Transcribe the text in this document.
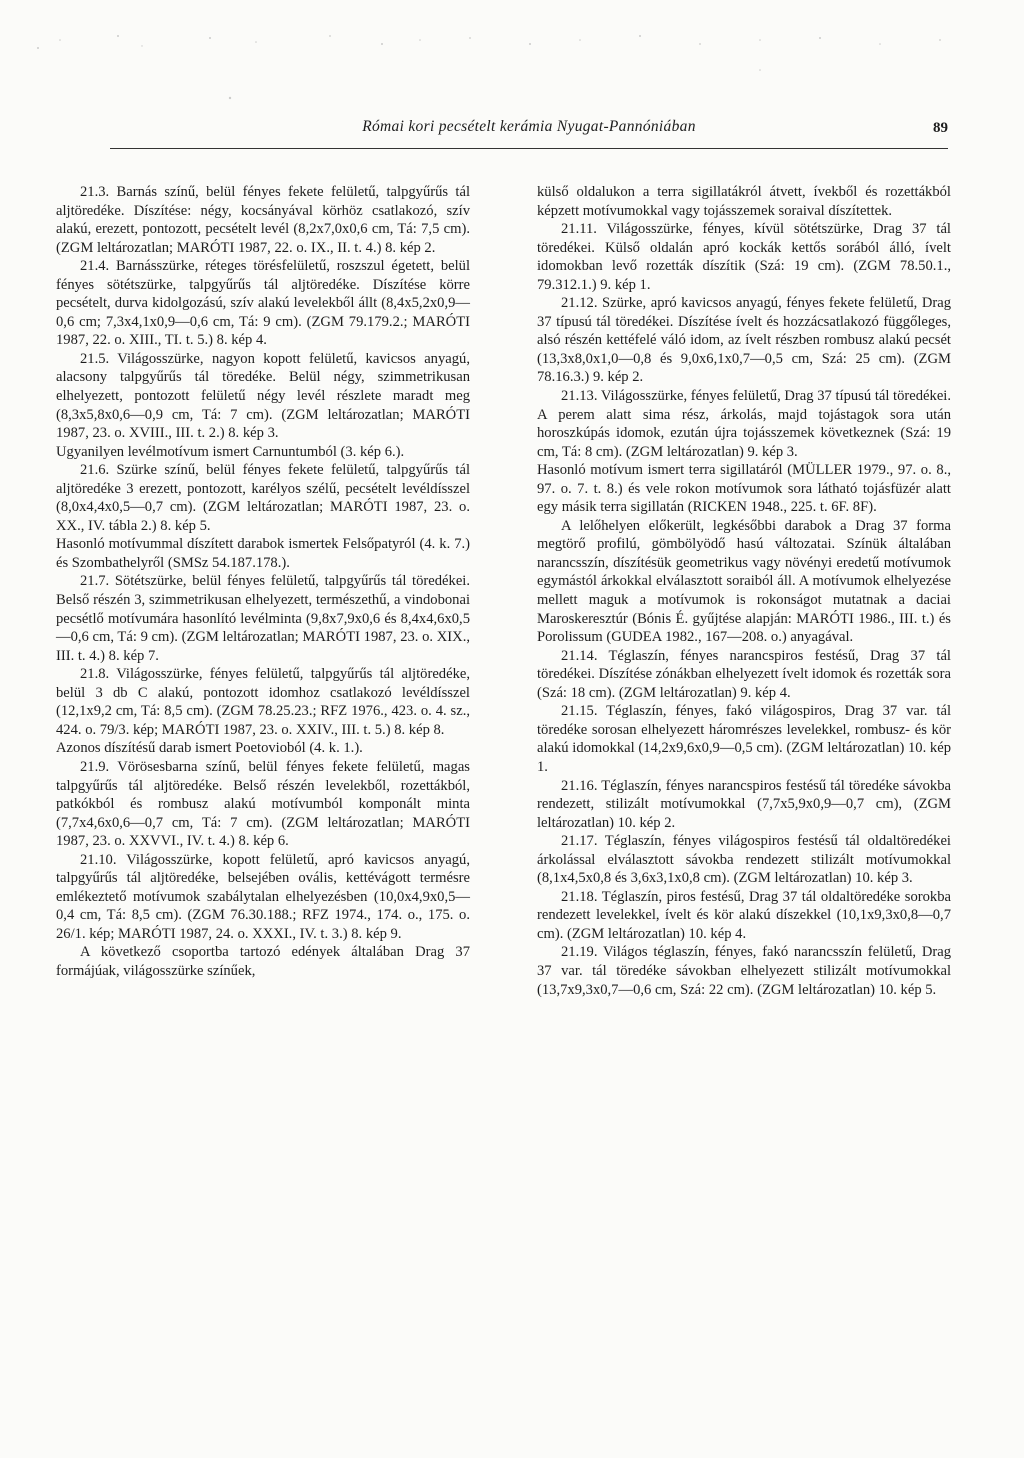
Római kori pecsételt kerámia Nyugat-Pannóniában	89

21.3. Barnás színű, belül fényes fekete felületű, talpgyűrűs tál aljtöredéke. Díszítése: négy, kocsányával körhöz csatlakozó, szív alakú, erezett, pontozott, pecsételt levél (8,2x7,0x0,6 cm, Tá: 7,5 cm). (ZGM leltározatlan; MARÓTI 1987, 22. o. IX., II. t. 4.) 8. kép 2.

21.4. Barnásszürke, réteges törésfelületű, roszszul égetett, belül fényes sötétszürke, talpgyűrűs tál aljtöredéke. Díszítése körre pecsételt, durva kidolgozású, szív alakú levelekből állt (8,4x5,2x0,9—0,6 cm; 7,3x4,1x0,9—0,6 cm, Tá: 9 cm). (ZGM 79.179.2.; MARÓTI 1987, 22. o. XIII., TI. t. 5.) 8. kép 4.

21.5. Világosszürke, nagyon kopott felületű, kavicsos anyagú, alacsony talpgyűrűs tál töredéke. Belül négy, szimmetrikusan elhelyezett, pontozott felületű négy levél részlete maradt meg (8,3x5,8x0,6—0,9 cm, Tá: 7 cm). (ZGM leltározatlan; MARÓTI 1987, 23. o. XVIII., III. t. 2.) 8. kép 3.

Ugyanilyen levélmotívum ismert Carnuntumból (3. kép 6.).

21.6. Szürke színű, belül fényes fekete felületű, talpgyűrűs tál aljtöredéke 3 erezett, pontozott, karélyos szélű, pecsételt levéldísszel (8,0x4,4x0,5—0,7 cm). (ZGM leltározatlan; MARÓTI 1987, 23. o. XX., IV. tábla 2.) 8. kép 5.

Hasonló motívummal díszített darabok ismertek Felsőpatyról (4. k. 7.) és Szombathelyről (SMSz 54.187.178.).

21.7. Sötétszürke, belül fényes felületű, talpgyűrűs tál töredékei. Belső részén 3, szimmetrikusan elhelyezett, természethű, a vindobonai pecsétlő motívumára hasonlító levélminta (9,8x7,9x0,6 és 8,4x4,6x0,5—0,6 cm, Tá: 9 cm). (ZGM leltározatlan; MARÓTI 1987, 23. o. XIX., III. t. 4.) 8. kép 7.

21.8. Világosszürke, fényes felületű, talpgyűrűs tál aljtöredéke, belül 3 db C alakú, pontozott idomhoz csatlakozó levéldísszel (12,1x9,2 cm, Tá: 8,5 cm). (ZGM 78.25.23.; RFZ 1976., 423. o. 4. sz., 424. o. 79/3. kép; MARÓTI 1987, 23. o. XXIV., III. t. 5.) 8. kép 8.

Azonos díszítésű darab ismert Poetovioból (4. k. 1.).

21.9. Vörösesbarna színű, belül fényes fekete felületű, magas talpgyűrűs tál aljtöredéke. Belső részén levelekből, rozettákból, patkókból és rombusz alakú motívumból komponált minta (7,7x4,6x0,6—0,7 cm, Tá: 7 cm). (ZGM leltározatlan; MARÓTI 1987, 23. o. XXVVI., IV. t. 4.) 8. kép 6.

21.10. Világosszürke, kopott felületű, apró kavicsos anyagú, talpgyűrűs tál aljtöredéke, belsejében ovális, kettévágott termésre emlékeztető motívumok szabálytalan elhelyezésben (10,0x4,9x0,5—0,4 cm, Tá: 8,5 cm). (ZGM 76.30.188.; RFZ 1974., 174. o., 175. o. 26/1. kép; MARÓTI 1987, 24. o. XXXI., IV. t. 3.) 8. kép 9.

A következő csoportba tartozó edények általában Drag 37 formájúak, világosszürke színűek,

külső oldalukon a terra sigillatákról átvett, ívekből és rozettákból képzett motívumokkal vagy tojásszemek soraival díszítettek.

21.11. Világosszürke, fényes, kívül sötétszürke, Drag 37 tál töredékei. Külső oldalán apró kockák kettős sorából álló, ívelt idomokban levő rozetták díszítik (Szá: 19 cm). (ZGM 78.50.1., 79.312.1.) 9. kép 1.

21.12. Szürke, apró kavicsos anyagú, fényes fekete felületű, Drag 37 típusú tál töredékei. Díszítése ívelt és hozzácsatlakozó függőleges, alsó részén kettéfelé váló idom, az ívelt részben rombusz alakú pecsét (13,3x8,0x1,0—0,8 és 9,0x6,1x0,7—0,5 cm, Szá: 25 cm). (ZGM 78.16.3.) 9. kép 2.

21.13. Világosszürke, fényes felületű, Drag 37 típusú tál töredékei. A perem alatt sima rész, árkolás, majd tojástagok sora után horoszkúpás idomok, ezután újra tojásszemek következnek (Szá: 19 cm, Tá: 8 cm). (ZGM leltározatlan) 9. kép 3.

Hasonló motívum ismert terra sigillatáról (MÜLLER 1979., 97. o. 8., 97. o. 7. t. 8.) és vele rokon motívumok sora látható tojásfüzér alatt egy másik terra sigillatán (RICKEN 1948., 225. t. 6F. 8F).

A lelőhelyen előkerült, legkésőbbi darabok a Drag 37 forma megtörő profilú, gömbölyödő hasú változatai. Színük általában narancsszín, díszítésük geometrikus vagy növényi eredetű motívumok egymástól árkokkal elválasztott soraiból áll. A motívumok elhelyezése mellett maguk a motívumok is rokonságot mutatnak a daciai Maroskeresztúr (Bónis É. gyűjtése alapján: MARÓTI 1986., III. t.) és Porolissum (GUDEA 1982., 167—208. o.) anyagával.

21.14. Téglaszín, fényes narancspiros festésű, Drag 37 tál töredékei. Díszítése zónákban elhelyezett ívelt idomok és rozetták sora (Szá: 18 cm). (ZGM leltározatlan) 9. kép 4.

21.15. Téglaszín, fényes, fakó világospiros, Drag 37 var. tál töredéke sorosan elhelyezett háromrészes levelekkel, rombusz- és kör alakú idomokkal (14,2x9,6x0,9—0,5 cm). (ZGM leltározatlan) 10. kép 1.

21.16. Téglaszín, fényes narancspiros festésű tál töredéke sávokba rendezett, stilizált motívumokkal (7,7x5,9x0,9—0,7 cm), (ZGM leltározatlan) 10. kép 2.

21.17. Téglaszín, fényes világospiros festésű tál oldaltöredékei árkolással elválasztott sávokba rendezett stilizált motívumokkal (8,1x4,5x0,8 és 3,6x3,1x0,8 cm). (ZGM leltározatlan) 10. kép 3.

21.18. Téglaszín, piros festésű, Drag 37 tál oldaltöredéke sorokba rendezett levelekkel, ívelt és kör alakú díszekkel (10,1x9,3x0,8—0,7 cm). (ZGM leltározatlan) 10. kép 4.

21.19. Világos téglaszín, fényes, fakó narancsszín felületű, Drag 37 var. tál töredéke sávokban elhelyezett stilizált motívumokkal (13,7x9,3x0,7—0,6 cm, Szá: 22 cm). (ZGM leltározatlan) 10. kép 5.
